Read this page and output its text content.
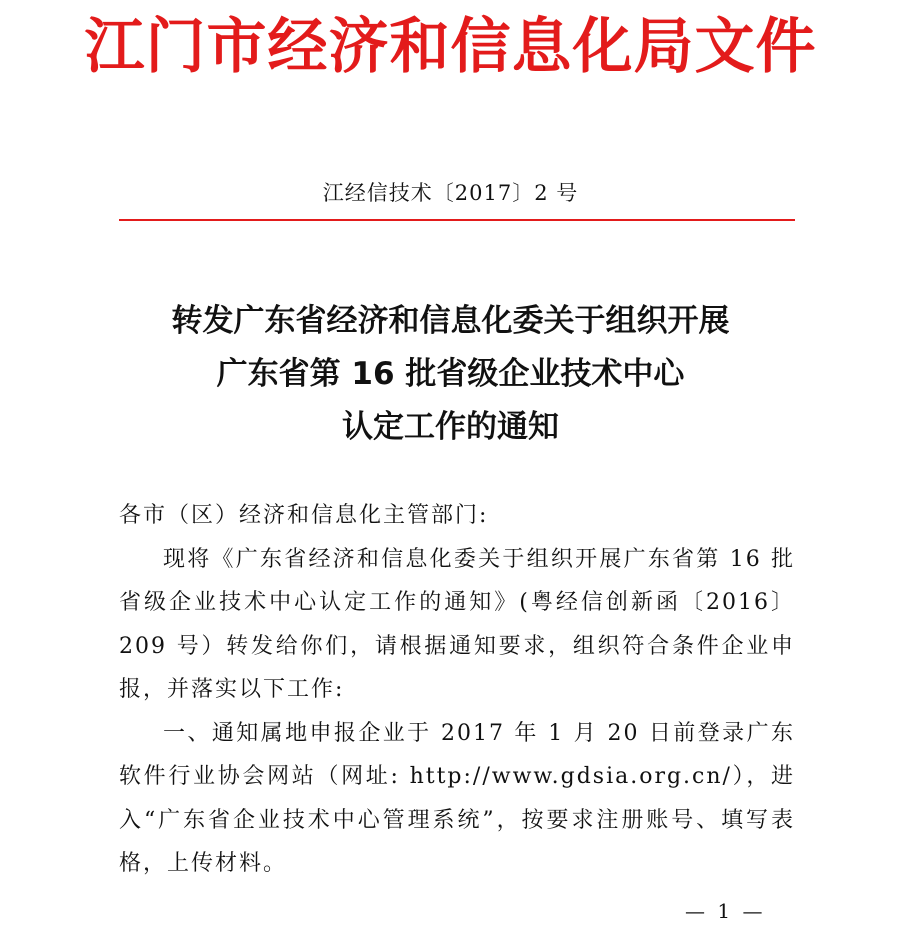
江门市经济和信息化局文件
江经信技术〔2017〕2 号
转发广东省经济和信息化委关于组织开展
广东省第 16 批省级企业技术中心
认定工作的通知

各市（区）经济和信息化主管部门:

现将《广东省经济和信息化委关于组织开展广东省第 16 批省级企业技术中心认定工作的通知》(粤经信创新函〔2016〕209 号）转发给你们，请根据通知要求，组织符合条件企业申报，并落实以下工作:

一、通知属地申报企业于 2017 年 1 月 20 日前登录广东软件行业协会网站（网址: http://www.gdsia.org.cn/），进入“广东省企业技术中心管理系统”，按要求注册账号、填写表格，上传材料。

— 1 —
